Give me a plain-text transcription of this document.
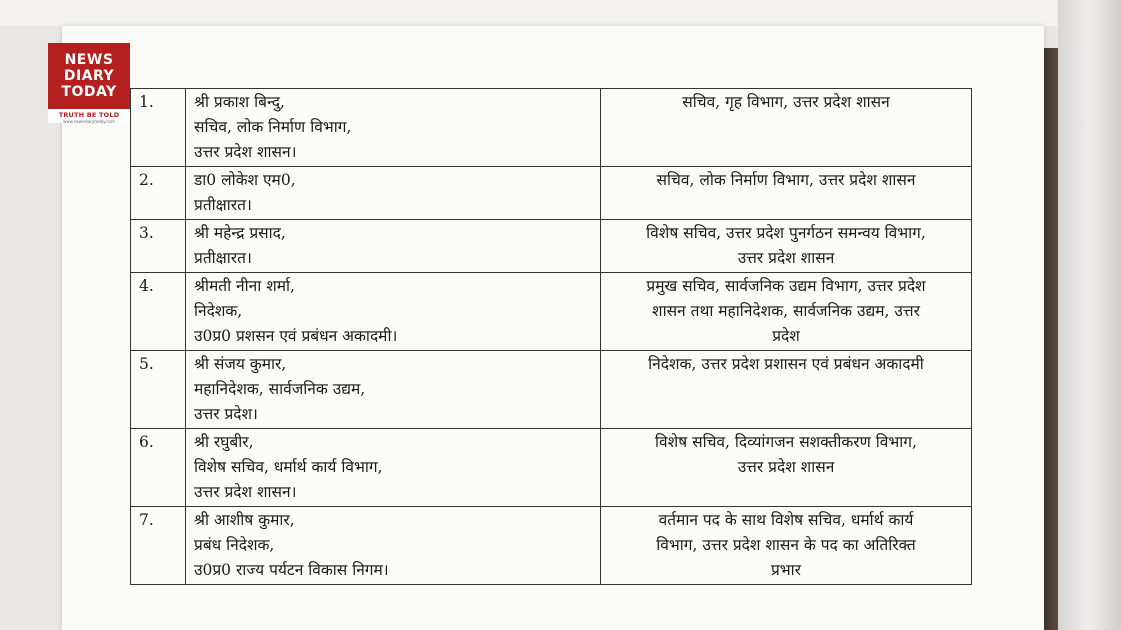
NEWS
DIARY
TODAY
TRUTH BE TOLD
www.newsdiarytoday.com
1.	श्री प्रकाश बिन्दु,
सचिव, लोक निर्माण विभाग,
उत्तर प्रदेश शासन।	सचिव, गृह विभाग, उत्तर प्रदेश शासन

2.	डा0 लोकेश एम0,
प्रतीक्षारत।	सचिव, लोक निर्माण विभाग, उत्तर प्रदेश शासन

3.	श्री महेन्द्र प्रसाद,
प्रतीक्षारत।	विशेष सचिव, उत्तर प्रदेश पुनर्गठन समन्वय विभाग,
उत्तर प्रदेश शासन

4.	श्रीमती नीना शर्मा,
निदेशक,
उ0प्र0 प्रशसन एवं प्रबंधन अकादमी।	प्रमुख सचिव, सार्वजनिक उद्यम विभाग, उत्तर प्रदेश
शासन तथा महानिदेशक, सार्वजनिक उद्यम, उत्तर
प्रदेश

5.	श्री संजय कुमार,
महानिदेशक, सार्वजनिक उद्यम,
उत्तर प्रदेश।	निदेशक, उत्तर प्रदेश प्रशासन एवं प्रबंधन अकादमी

6.	श्री रघुबीर,
विशेष सचिव, धर्मार्थ कार्य विभाग,
उत्तर प्रदेश शासन।	विशेष सचिव, दिव्यांगजन सशक्तीकरण विभाग,
उत्तर प्रदेश शासन

7.	श्री आशीष कुमार,
प्रबंध निदेशक,
उ0प्र0 राज्य पर्यटन विकास निगम।	वर्तमान पद के साथ विशेष सचिव, धर्मार्थ कार्य
विभाग, उत्तर प्रदेश शासन के पद का अतिरिक्त
प्रभार
